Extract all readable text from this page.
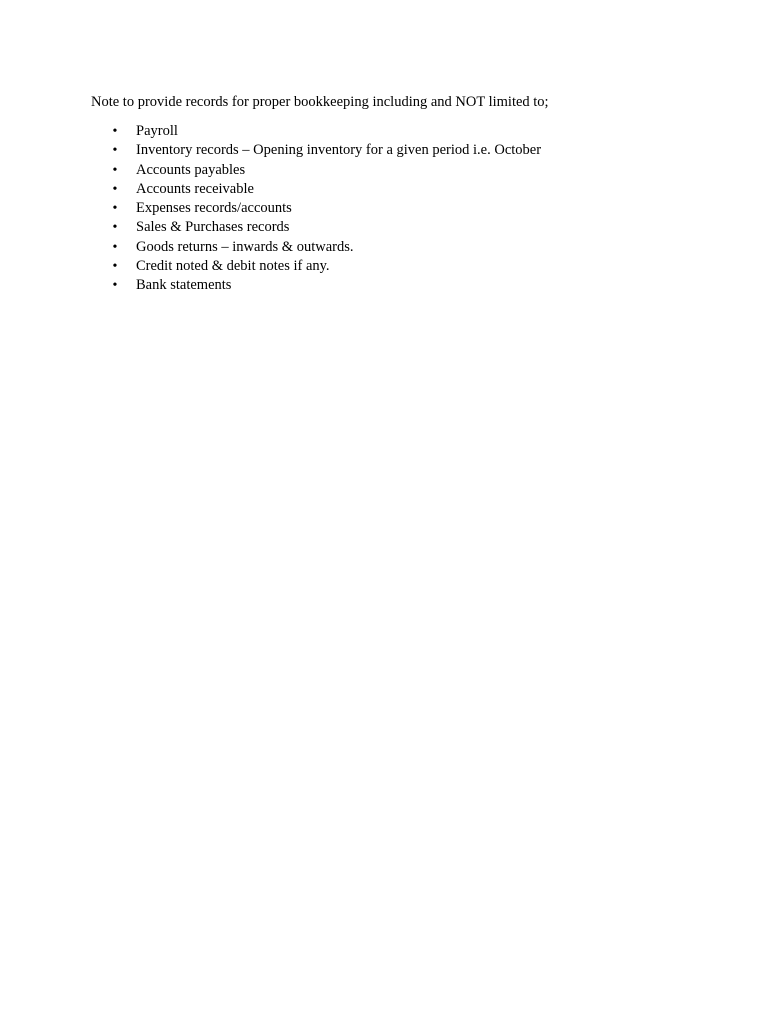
Note to provide records for proper bookkeeping including and NOT limited to;

• Payroll
• Inventory records – Opening inventory for a given period i.e. October
• Accounts payables
• Accounts receivable
• Expenses records/accounts
• Sales & Purchases records
• Goods returns – inwards & outwards.
• Credit noted & debit notes if any.
• Bank statements
